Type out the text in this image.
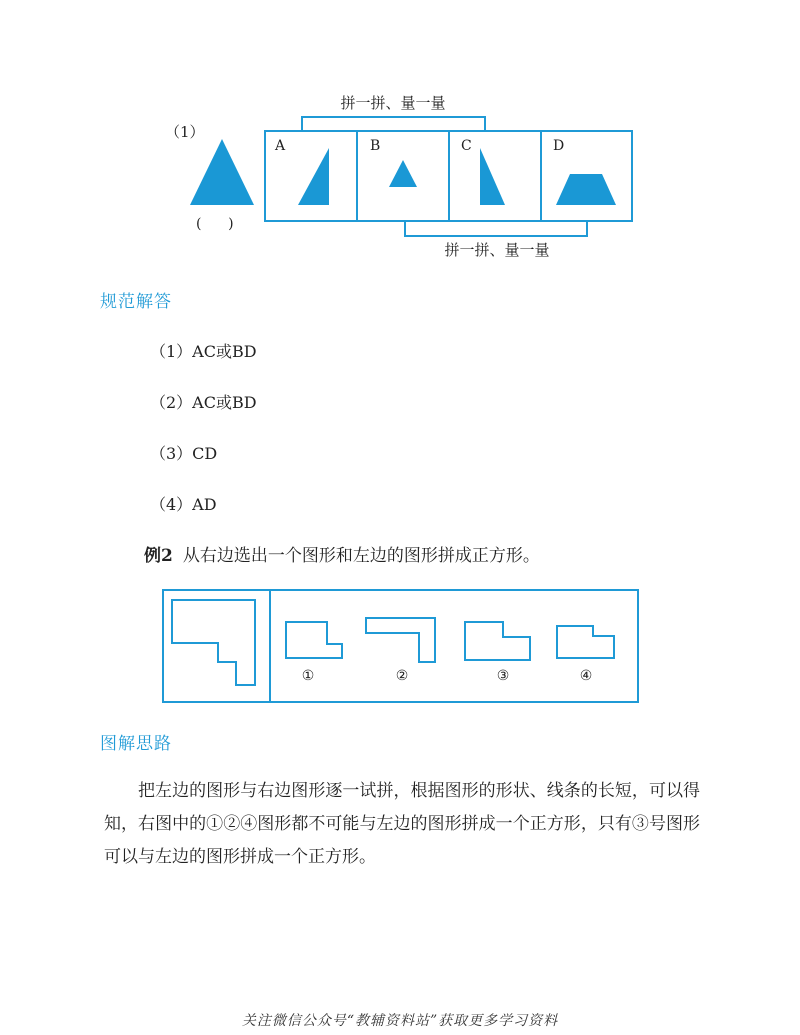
（1）
(      )
拼一拼、量一量
A	B	C	D
拼一拼、量一量
规范解答
（1）AC或BD
（2）AC或BD
（3）CD
（4）AD
例2 从右边选出一个图形和左边的图形拼成正方形。
①	②	③	④
图解思路
把左边的图形与右边图形逐一试拼，根据图形的形状、线条的长短，可以得知，右图中的①②④图形都不可能与左边的图形拼成一个正方形，只有③号图形可以与左边的图形拼成一个正方形。
关注微信公众号“教辅资料站”获取更多学习资料
